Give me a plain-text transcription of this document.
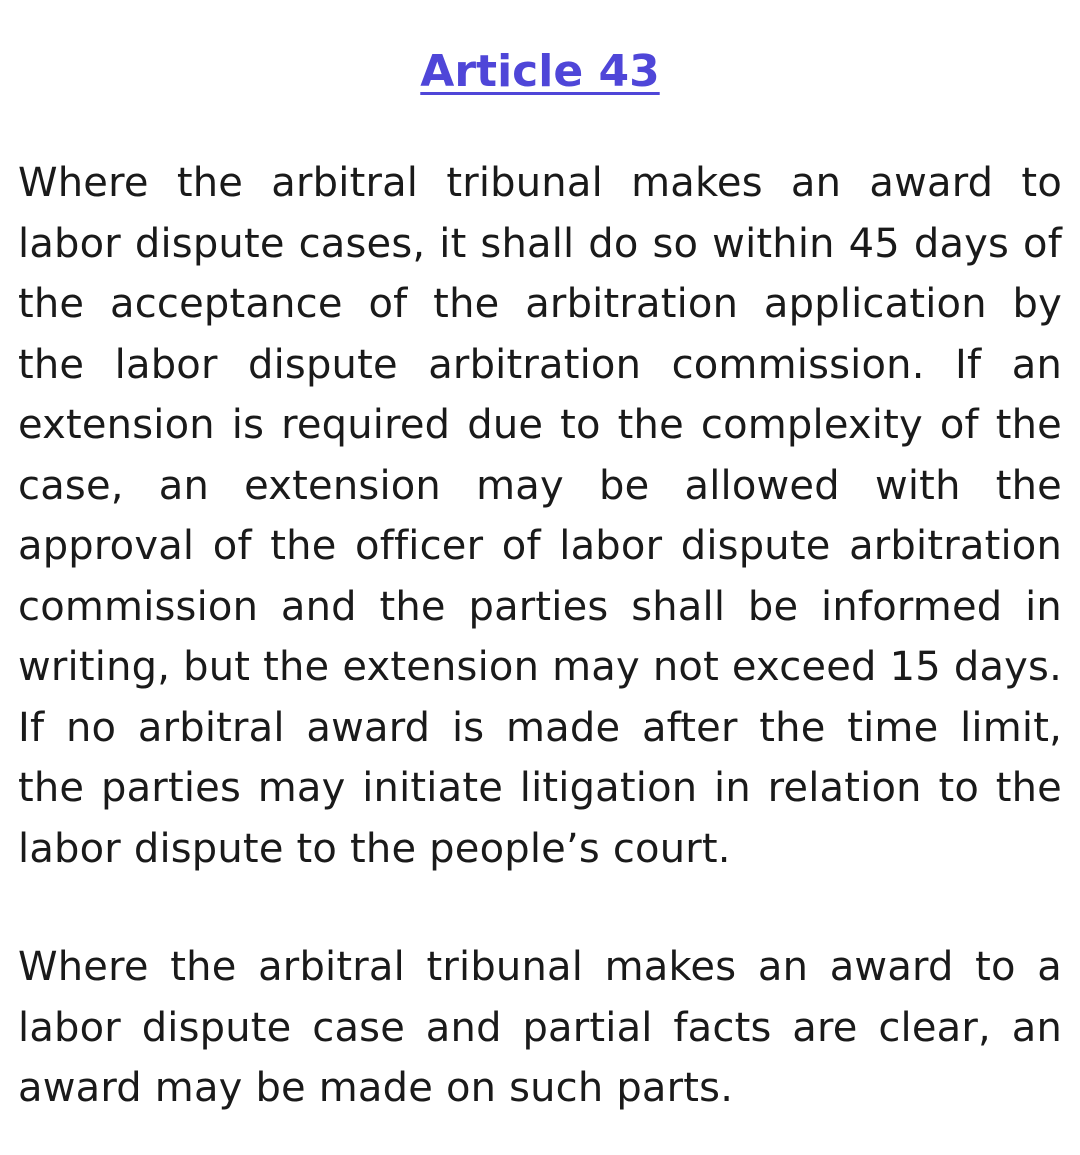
Article 43

Where the arbitral tribunal makes an award to labor dispute cases, it shall do so within 45 days of the acceptance of the arbitration application by the labor dispute arbitration commission. If an extension is required due to the complexity of the case, an extension may be allowed with the approval of the officer of labor dispute arbitration commission and the parties shall be informed in writing, but the extension may not exceed 15 days. If no arbitral award is made after the time limit, the parties may initiate litigation in relation to the labor dispute to the people’s court.

Where the arbitral tribunal makes an award to a labor dispute case and partial facts are clear, an award may be made on such parts.
